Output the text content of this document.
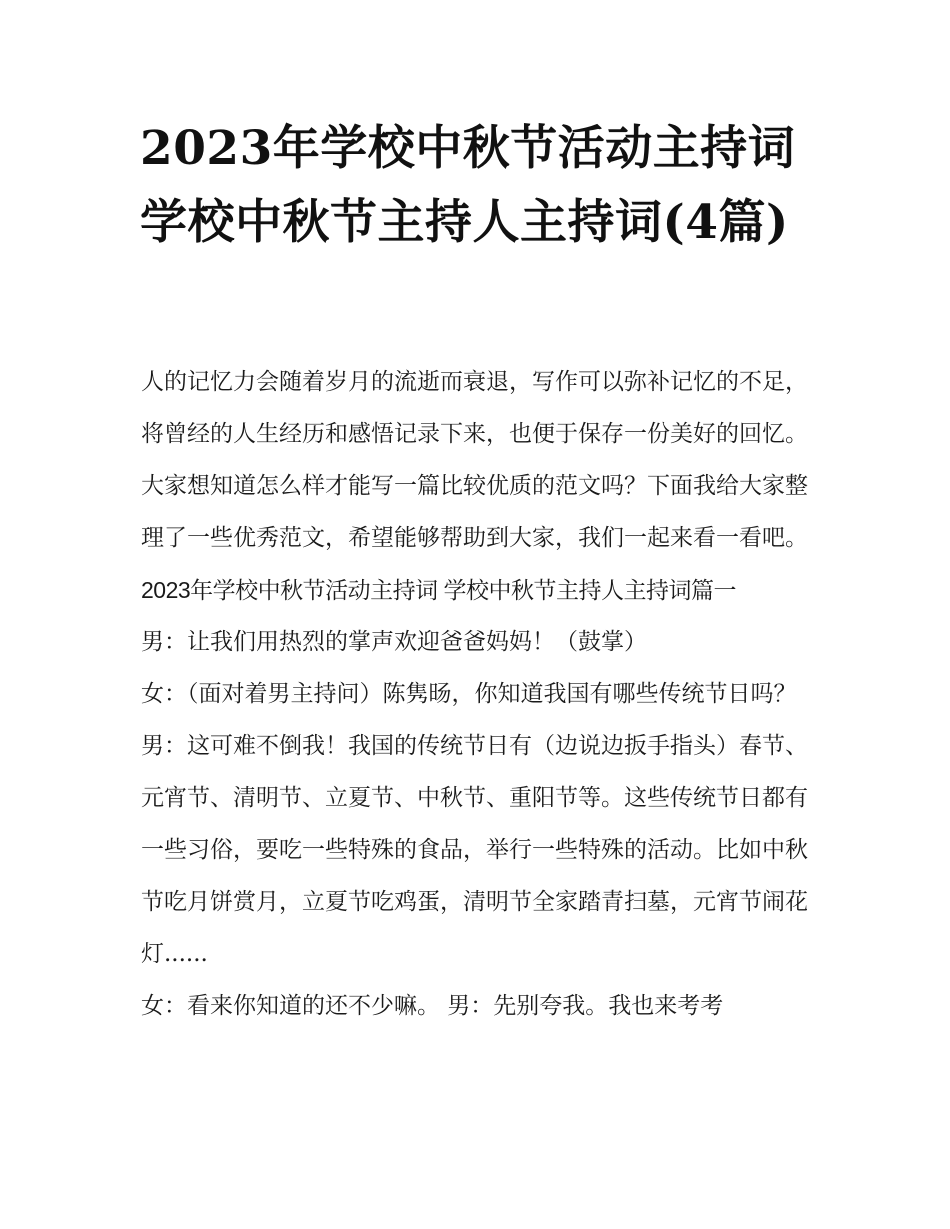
2023年学校中秋节活动主持词 学校中秋节主持人主持词(4篇)

人的记忆力会随着岁月的流逝而衰退，写作可以弥补记忆的不足，将曾经的人生经历和感悟记录下来，也便于保存一份美好的回忆。大家想知道怎么样才能写一篇比较优质的范文吗？下面我给大家整理了一些优秀范文，希望能够帮助到大家，我们一起来看一看吧。

2023年学校中秋节活动主持词 学校中秋节主持人主持词篇一

男：让我们用热烈的掌声欢迎爸爸妈妈！（鼓掌）

女：（面对着男主持问）陈隽旸，你知道我国有哪些传统节日吗？

男：这可难不倒我！我国的传统节日有（边说边扳手指头）春节、元宵节、清明节、立夏节、中秋节、重阳节等。这些传统节日都有一些习俗，要吃一些特殊的食品，举行一些特殊的活动。比如中秋节吃月饼赏月，立夏节吃鸡蛋，清明节全家踏青扫墓，元宵节闹花灯......

女：看来你知道的还不少嘛。 男：先别夸我。我也来考考
